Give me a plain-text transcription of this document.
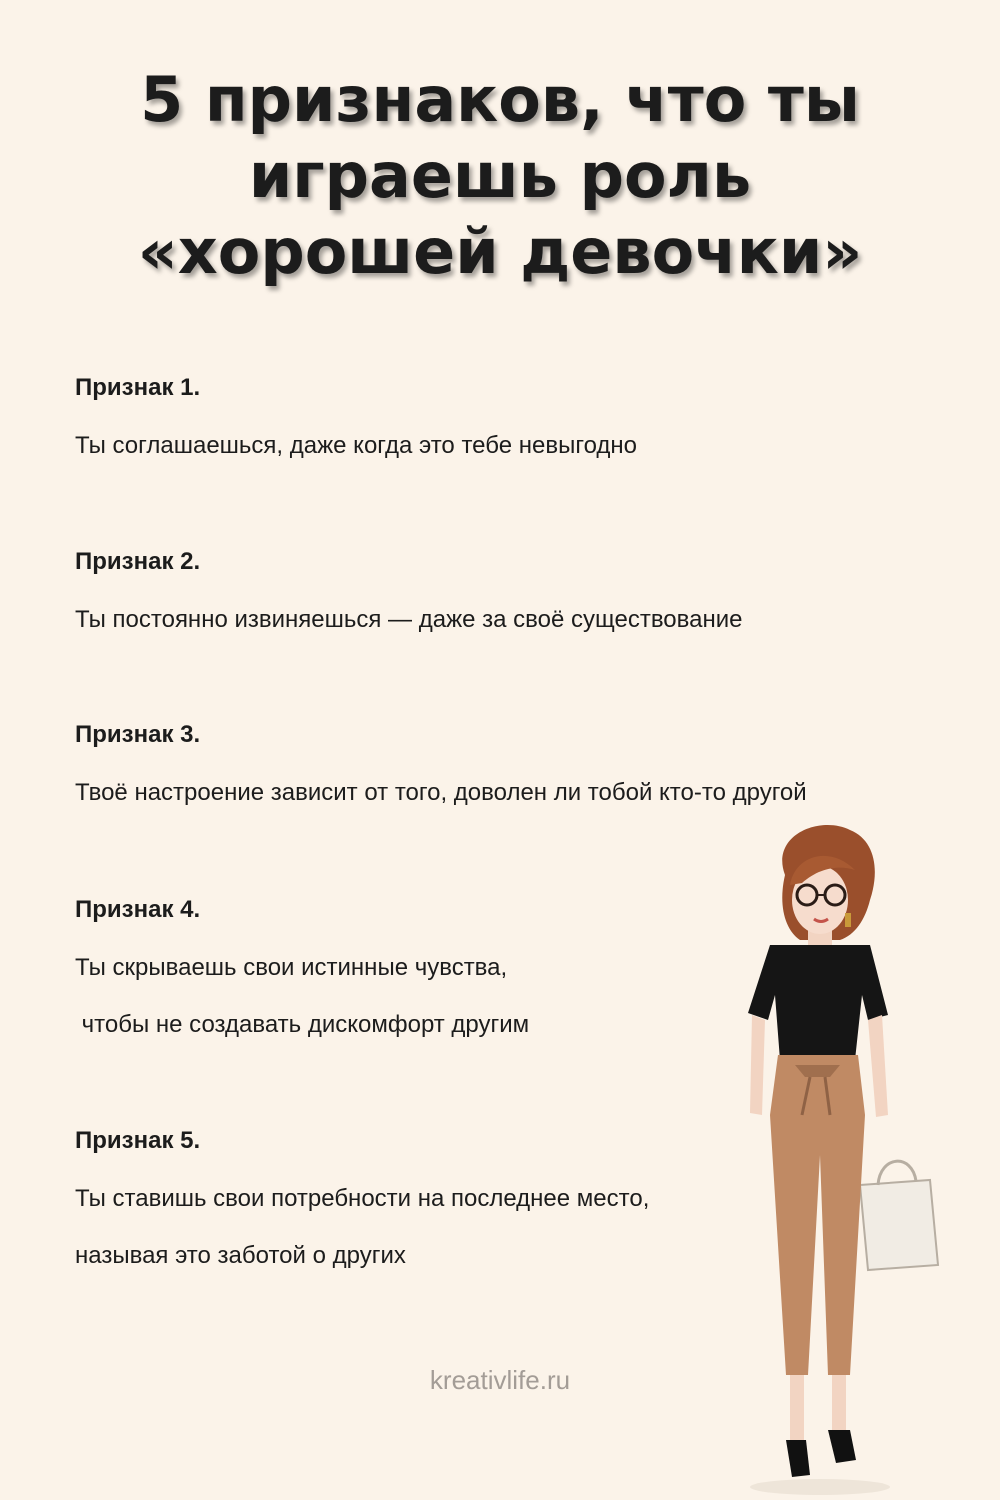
5 признаков, что ты
играешь роль
«хорошей девочки»
Признак 1.
Ты соглашаешься, даже когда это тебе невыгодно
Признак 2.
Ты постоянно извиняешься — даже за своё существование
Признак 3.
Твоё настроение зависит от того, доволен ли тобой кто-то другой
Признак 4.
Ты скрываешь свои истинные чувства,
чтобы не создавать дискомфорт другим
Признак 5.
Ты ставишь свои потребности на последнее место,
называя это заботой о других
kreativlife.ru
